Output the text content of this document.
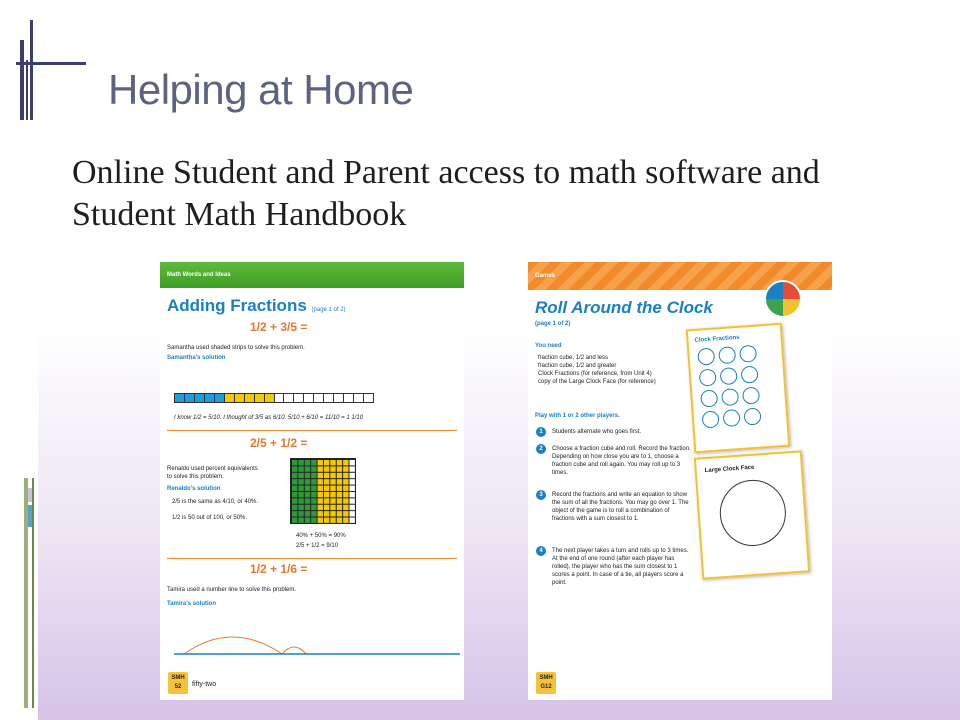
Helping at Home

Online Student and Parent access to math software and Student Math Handbook

Math Words and Ideas
Adding Fractions (page 1 of 2)
1/2 + 3/5 =
Samantha used shaded strips to solve this problem.
Samantha's solution
I know 1/2 = 5/10. I thought of 3/5 as 6/10. 5/10 + 6/10 = 11/10 = 1 1/10
2/5 + 1/2 =
Renaldo used percent equivalents
to solve this problem.
Renaldo's solution
2/5 is the same as 4/10, or 40%.
1/2 is 50 out of 100, or 50%.
40% + 50% = 90%
2/5 + 1/2 = 9/10
1/2 + 1/6 =
Tamira used a number line to solve this problem.
Tamira's solution
SMH
52	fifty-two
Games
Roll Around the Clock
(page 1 of 2)
You need
fraction cube, 1/2 and less
fraction cube, 1/2 and greater
Clock Fractions (for reference, from Unit 4)
copy of the Large Clock Face (for reference)
Play with 1 or 2 other players.
1	Students alternate who goes first.
2	Choose a fraction cube and roll. Record the fraction. Depending on how close you are to 1, choose a fraction cube and roll again. You may roll up to 3 times.
3	Record the fractions and write an equation to show the sum of all the fractions. You may go over 1. The object of the game is to roll a combination of fractions with a sum closest to 1.
4	The next player takes a turn and rolls up to 3 times. At the end of one round (after each player has rolled), the player who has the sum closest to 1 scores a point. In case of a tie, all players score a point.
Clock Fractions

Large Clock Face
SMH
G12
